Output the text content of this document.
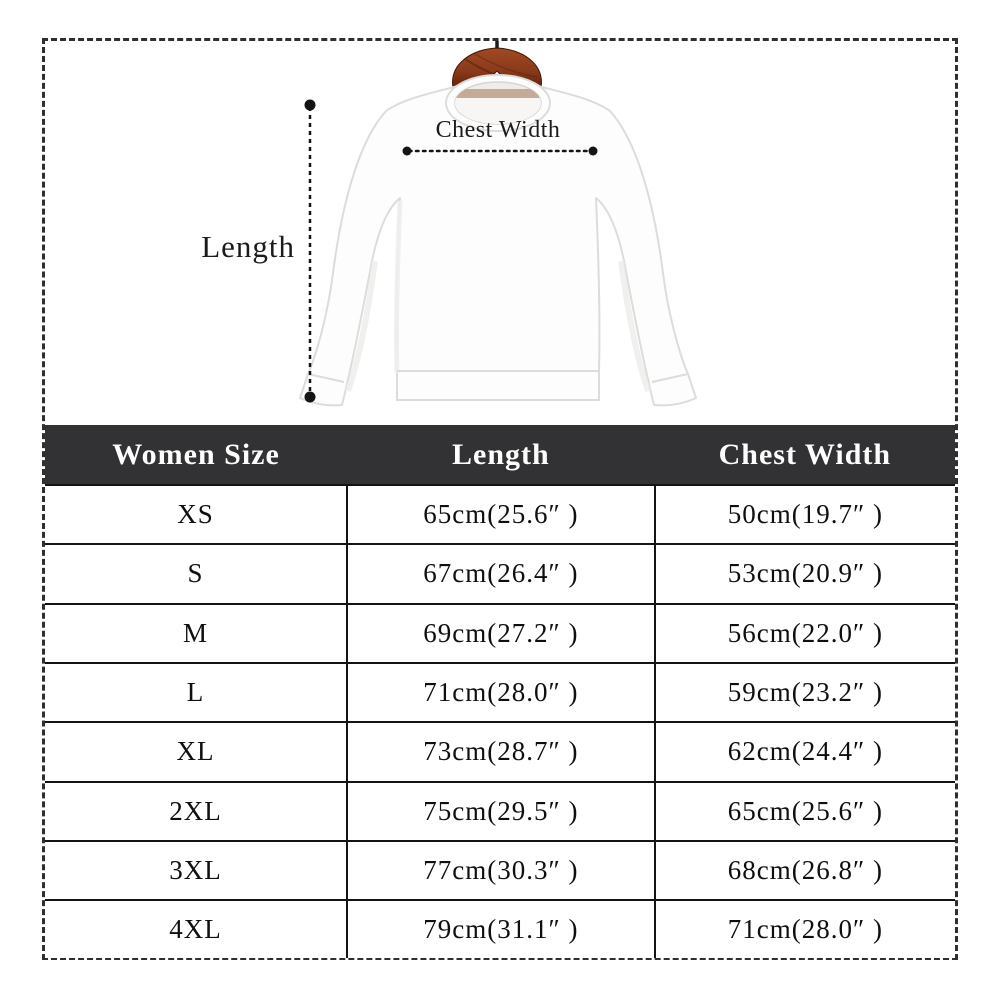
Length
Chest Width
Women Size	Length	Chest Width
XS	65cm(25.6″ )	50cm(19.7″ )
S	67cm(26.4″ )	53cm(20.9″ )
M	69cm(27.2″ )	56cm(22.0″ )
L	71cm(28.0″ )	59cm(23.2″ )
XL	73cm(28.7″ )	62cm(24.4″ )
2XL	75cm(29.5″ )	65cm(25.6″ )
3XL	77cm(30.3″ )	68cm(26.8″ )
4XL	79cm(31.1″ )	71cm(28.0″ )
